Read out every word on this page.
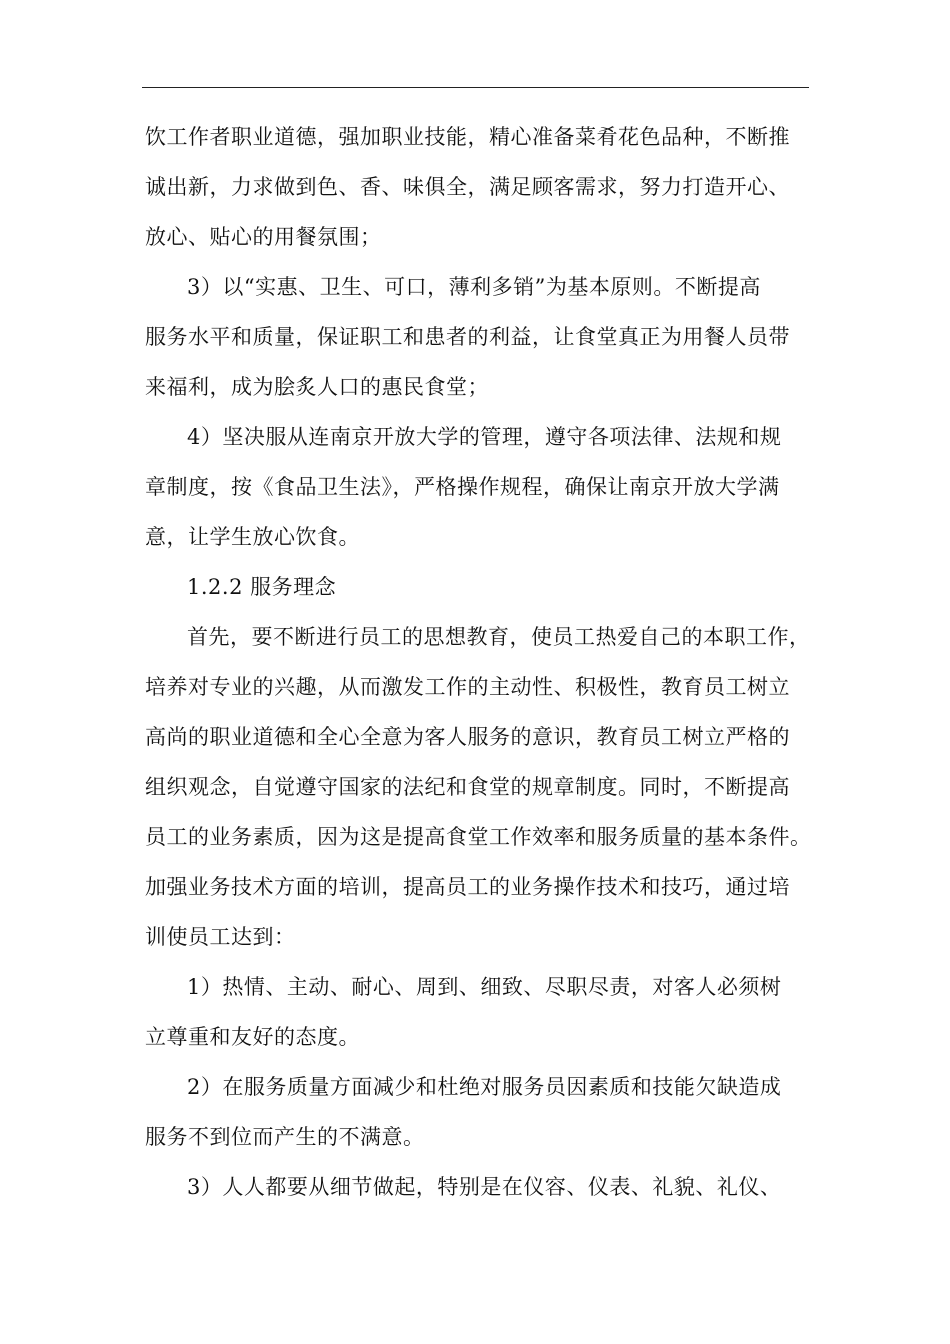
饮工作者职业道德，强加职业技能，精心准备菜肴花色品种，不断推
诚出新，力求做到色、香、味俱全，满足顾客需求，努力打造开心、
放心、贴心的用餐氛围；
3）以“实惠、卫生、可口，薄利多销”为基本原则。不断提高
服务水平和质量，保证职工和患者的利益，让食堂真正为用餐人员带
来福利，成为脍炙人口的惠民食堂；
4）坚决服从连南京开放大学的管理，遵守各项法律、法规和规
章制度，按《食品卫生法》，严格操作规程，确保让南京开放大学满
意，让学生放心饮食。
1.2.2 服务理念
首先，要不断进行员工的思想教育，使员工热爱自己的本职工作，
培养对专业的兴趣，从而激发工作的主动性、积极性，教育员工树立
高尚的职业道德和全心全意为客人服务的意识，教育员工树立严格的
组织观念，自觉遵守国家的法纪和食堂的规章制度。同时，不断提高
员工的业务素质，因为这是提高食堂工作效率和服务质量的基本条件。
加强业务技术方面的培训，提高员工的业务操作技术和技巧，通过培
训使员工达到：
1）热情、主动、耐心、周到、细致、尽职尽责，对客人必须树
立尊重和友好的态度。
2）在服务质量方面减少和杜绝对服务员因素质和技能欠缺造成
服务不到位而产生的不满意。
3）人人都要从细节做起，特别是在仪容、仪表、礼貌、礼仪、
